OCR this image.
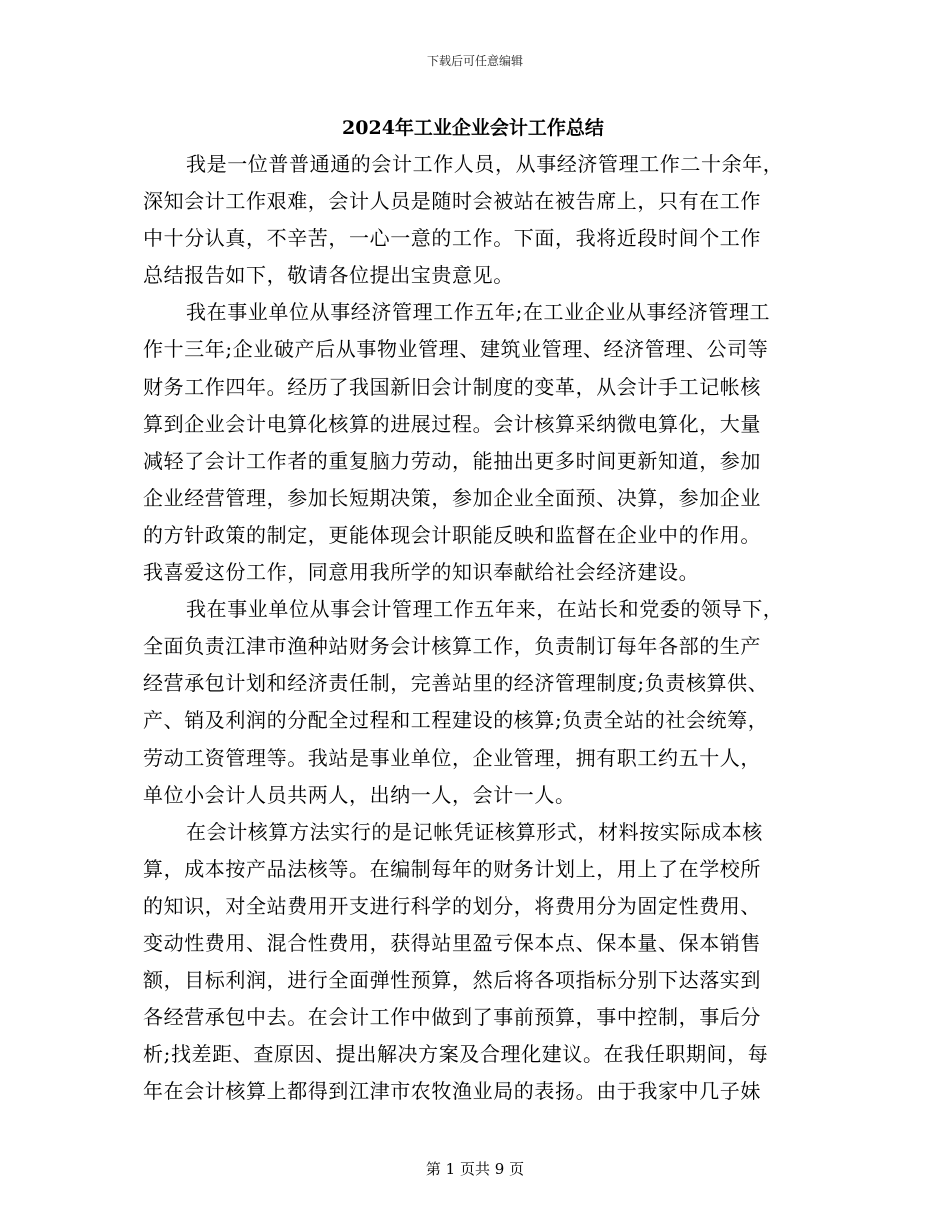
下载后可任意编辑
2024年工业企业会计工作总结
我是一位普普通通的会计工作人员，从事经济管理工作二十余年，
深知会计工作艰难，会计人员是随时会被站在被告席上，只有在工作
中十分认真，不辛苦，一心一意的工作。下面，我将近段时间个工作
总结报告如下，敬请各位提出宝贵意见。
我在事业单位从事经济管理工作五年;在工业企业从事经济管理工
作十三年;企业破产后从事物业管理、建筑业管理、经济管理、公司等
财务工作四年。经历了我国新旧会计制度的变革，从会计手工记帐核
算到企业会计电算化核算的进展过程。会计核算采纳微电算化，大量
减轻了会计工作者的重复脑力劳动，能抽出更多时间更新知道，参加
企业经营管理，参加长短期决策，参加企业全面预、决算，参加企业
的方针政策的制定，更能体现会计职能反映和监督在企业中的作用。
我喜爱这份工作，同意用我所学的知识奉献给社会经济建设。
我在事业单位从事会计管理工作五年来，在站长和党委的领导下，
全面负责江津市渔种站财务会计核算工作，负责制订每年各部的生产
经营承包计划和经济责任制，完善站里的经济管理制度;负责核算供、
产、销及利润的分配全过程和工程建设的核算;负责全站的社会统筹，
劳动工资管理等。我站是事业单位，企业管理，拥有职工约五十人，
单位小会计人员共两人，出纳一人，会计一人。
在会计核算方法实行的是记帐凭证核算形式，材料按实际成本核
算，成本按产品法核等。在编制每年的财务计划上，用上了在学校所
的知识，对全站费用开支进行科学的划分，将费用分为固定性费用、
变动性费用、混合性费用，获得站里盈亏保本点、保本量、保本销售
额，目标利润，进行全面弹性预算，然后将各项指标分别下达落实到
各经营承包中去。在会计工作中做到了事前预算，事中控制，事后分
析;找差距、查原因、提出解决方案及合理化建议。在我任职期间，每
年在会计核算上都得到江津市农牧渔业局的表扬。由于我家中几子妹
第 1 页共 9 页
